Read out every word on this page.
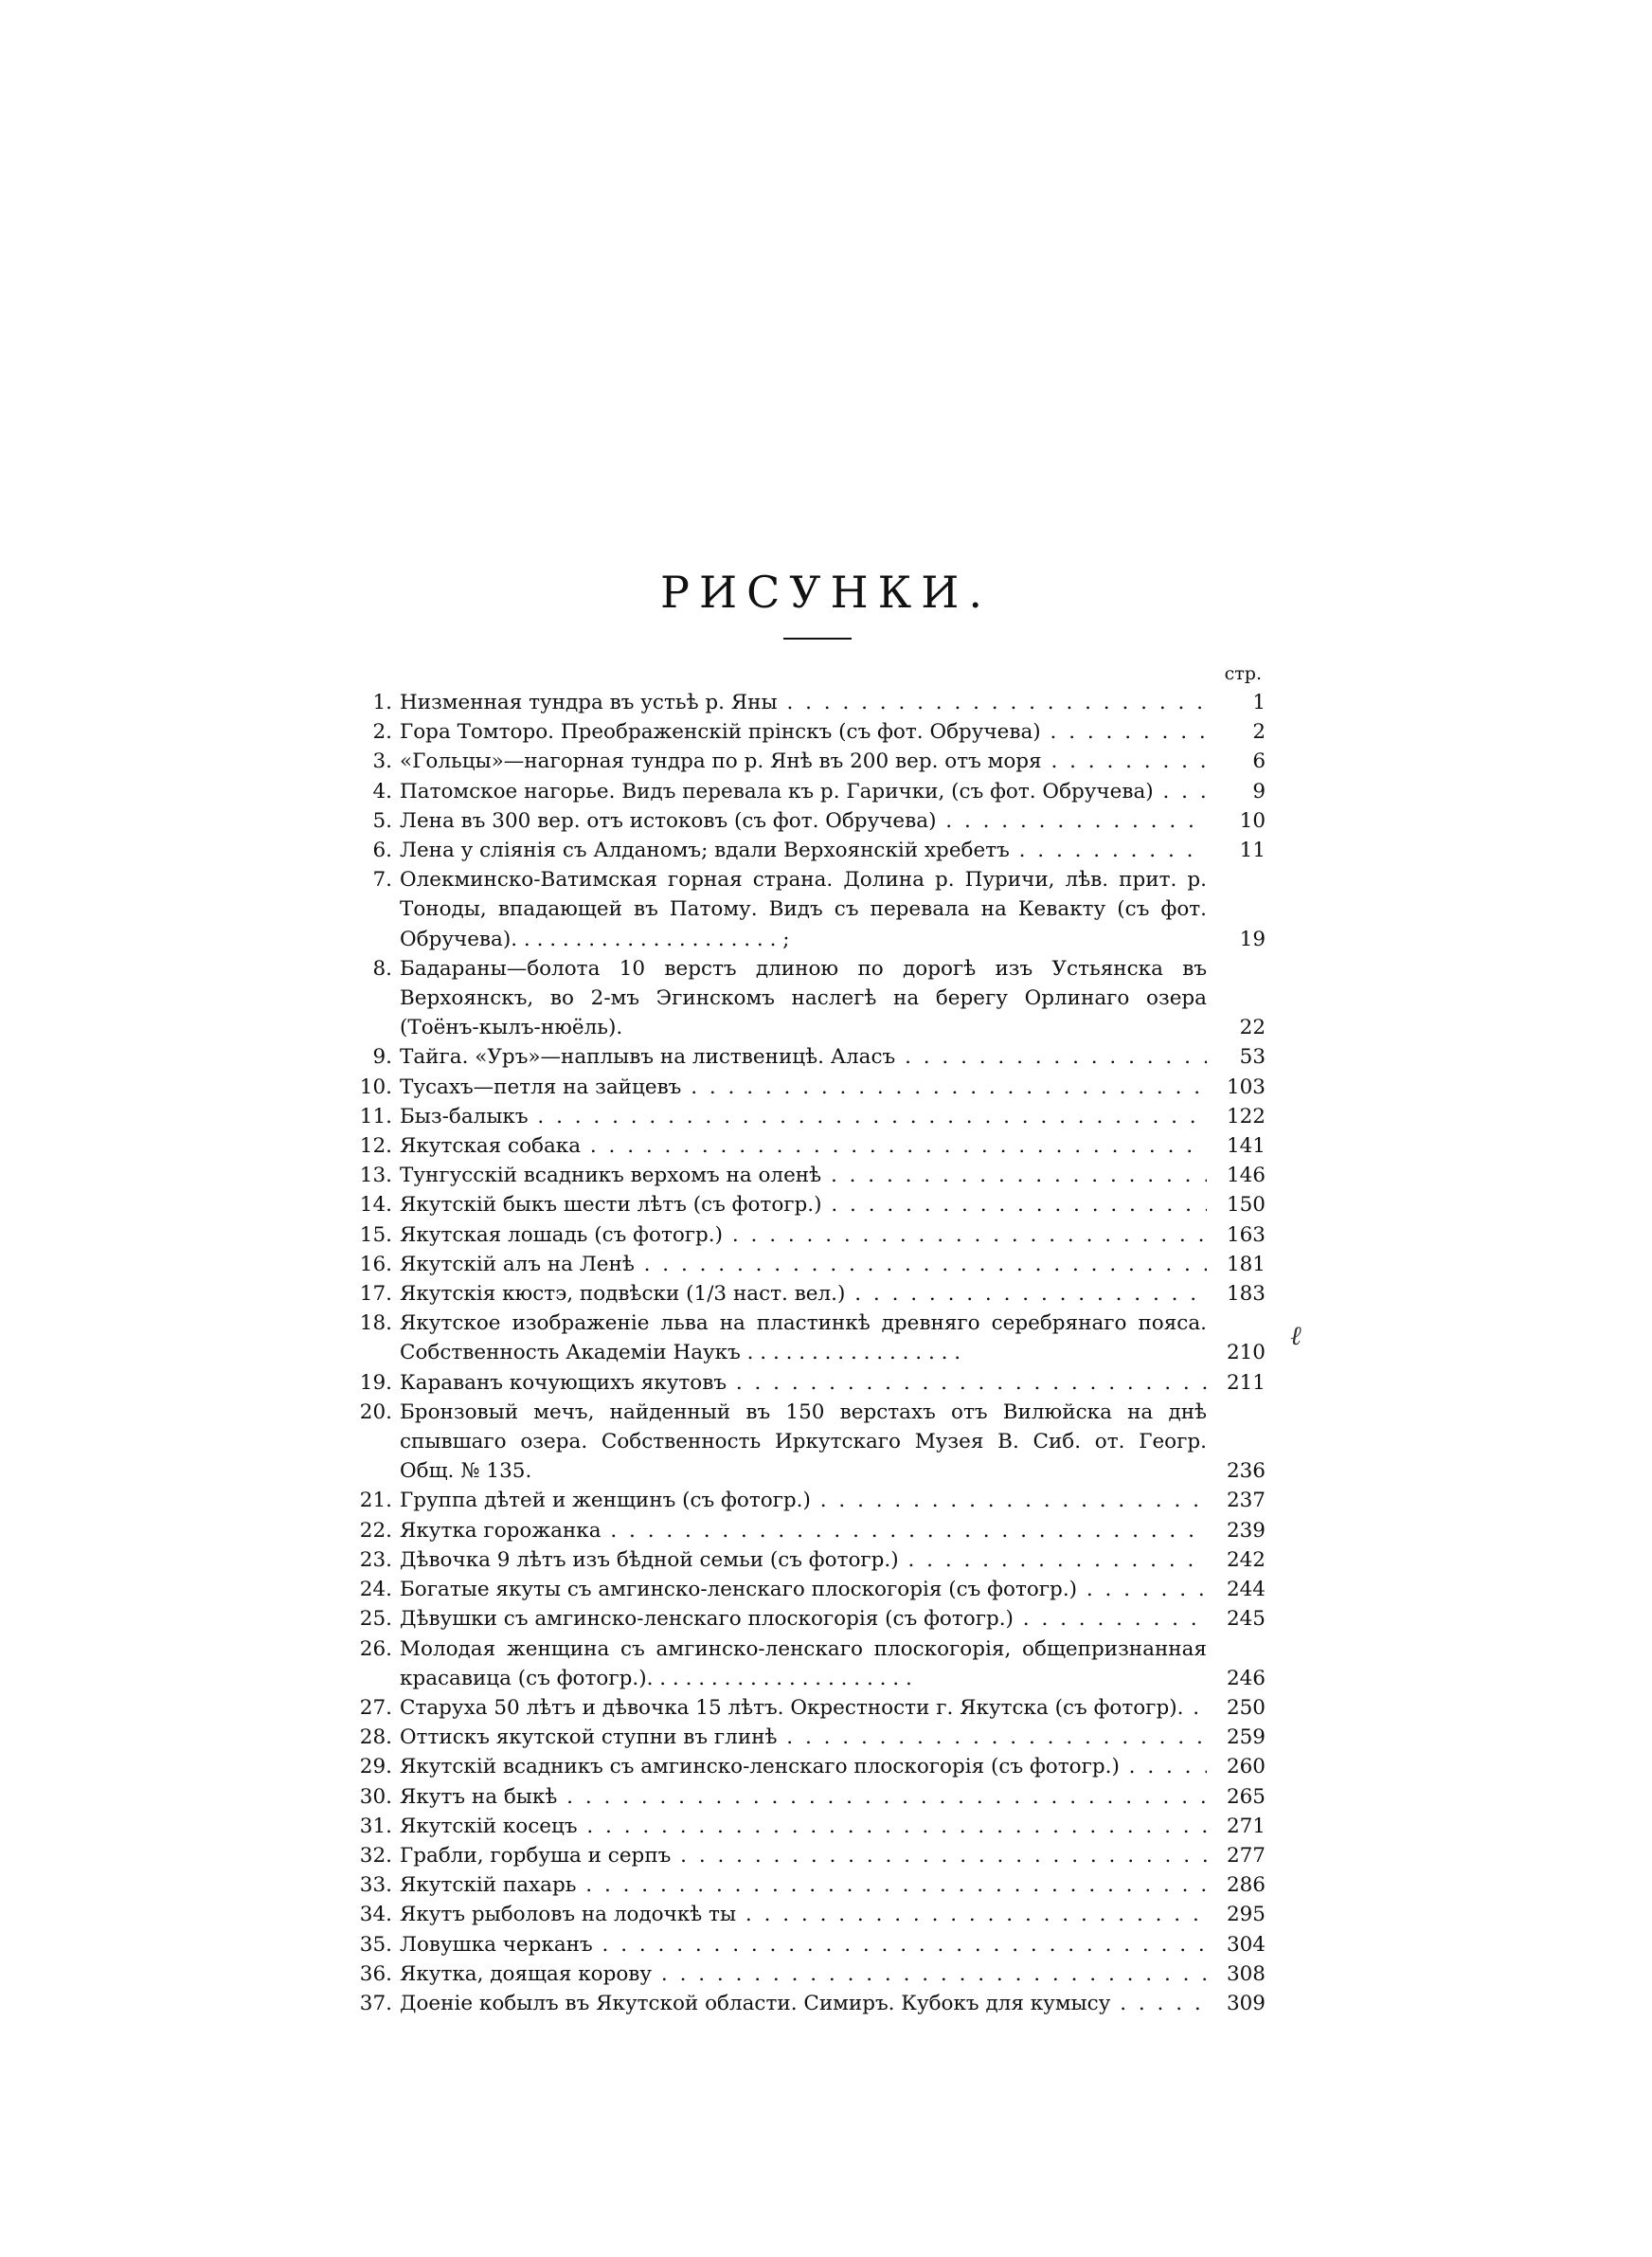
РИСУНКИ.
стр.
1. Низменная тундра въ устьѣ р. Яны . . .	1
2. Гора Томторо. Преображенскій прінскъ (съ фот. Обручева) . . .	2
3. «Гольцы»—нагорная тундра по р. Янѣ въ 200 вер. отъ моря . . .	6
4. Патомское нагорье. Видъ перевала къ р. Гарички, (съ фот. Обручева) . . .	9
5. Лена въ 300 вер. отъ истоковъ (съ фот. Обручева) . . .	10
6. Лена у сліянія съ Алданомъ; вдали Верхоянскій хребетъ . . .	11
7. Олекминско-Ватимская горная страна. Долина р. Пуричи, лѣв. прит. р. Тоноды, впадающей въ Патому. Видъ съ перевала на Кевакту (съ фот. Обручева). . . . . . . . . . . . . . . . . . . . . ;	19
8. Бадараны—болота 10 верстъ длиною по дорогѣ изъ Устьянска въ Верхоянскъ, во 2-мъ Эгинскомъ наслегѣ на берегу Орлинаго озера (Тоёнъ-кылъ-нюёль).	22
9. Тайга. «Уръ»—наплывъ на лиственицѣ. Аласъ . . .	53
10. Тусахъ—петля на зайцевъ . . .	103
11. Быз-балыкъ . . .	122
12. Якутская собака . . .	141
13. Тунгусскій всадникъ верхомъ на оленѣ . . .	146
14. Якутскій быкъ шести лѣтъ (съ фотогр.) . . .	150
15. Якутская лошадь (съ фотогр.) . . .	163
16. Якутскій алъ на Ленѣ . . .	181
17. Якутскія кюстэ, подвѣски (1/3 наст. вел.) . . .	183
18. Якутское изображеніе льва на пластинкѣ древняго серебрянаго пояса. Собственность Академіи Наукъ . . . . . . . . . . . . . . . . .	210
19. Караванъ кочующихъ якутовъ . . .	211
20. Бронзовый мечъ, найденный въ 150 верстахъ отъ Вилюйска на днѣ спывшаго озера. Собственность Иркутскаго Музея В. Сиб. от. Геогр. Общ. № 135.	236
21. Группа дѣтей и женщинъ (съ фотогр.) . . .	237
22. Якутка горожанка . . .	239
23. Дѣвочка 9 лѣтъ изъ бѣдной семьи (съ фотогр.) . . .	242
24. Богатые якуты съ амгинско-ленскаго плоскогорія (съ фотогр.) . . .	244
25. Дѣвушки съ амгинско-ленскаго плоскогорія (съ фотогр.) . . .	245
26. Молодая женщина съ амгинско-ленскаго плоскогорія, общепризнанная красавица (съ фотогр.). . . . . . . . . . . . . . . . . . . . .	246
27. Старуха 50 лѣтъ и дѣвочка 15 лѣтъ. Окрестности г. Якутска (съ фотогр). . . .	250
28. Оттискъ якутской ступни въ глинѣ . . .	259
29. Якутскій всадникъ съ амгинско-ленскаго плоскогорія (съ фотогр.) . . .	260
30. Якутъ на быкѣ . . .	265
31. Якутскій косецъ . . .	271
32. Грабли, горбуша и серпъ . . .	277
33. Якутскій пахарь . . .	286
34. Якутъ рыболовъ на лодочкѣ ты . . .	295
35. Ловушка черканъ . . .	304
36. Якутка, доящая корову . . .	308
37. Доеніе кобылъ въ Якутской области. Симиръ. Кубокъ для кумысу . . .	309
ℓ
